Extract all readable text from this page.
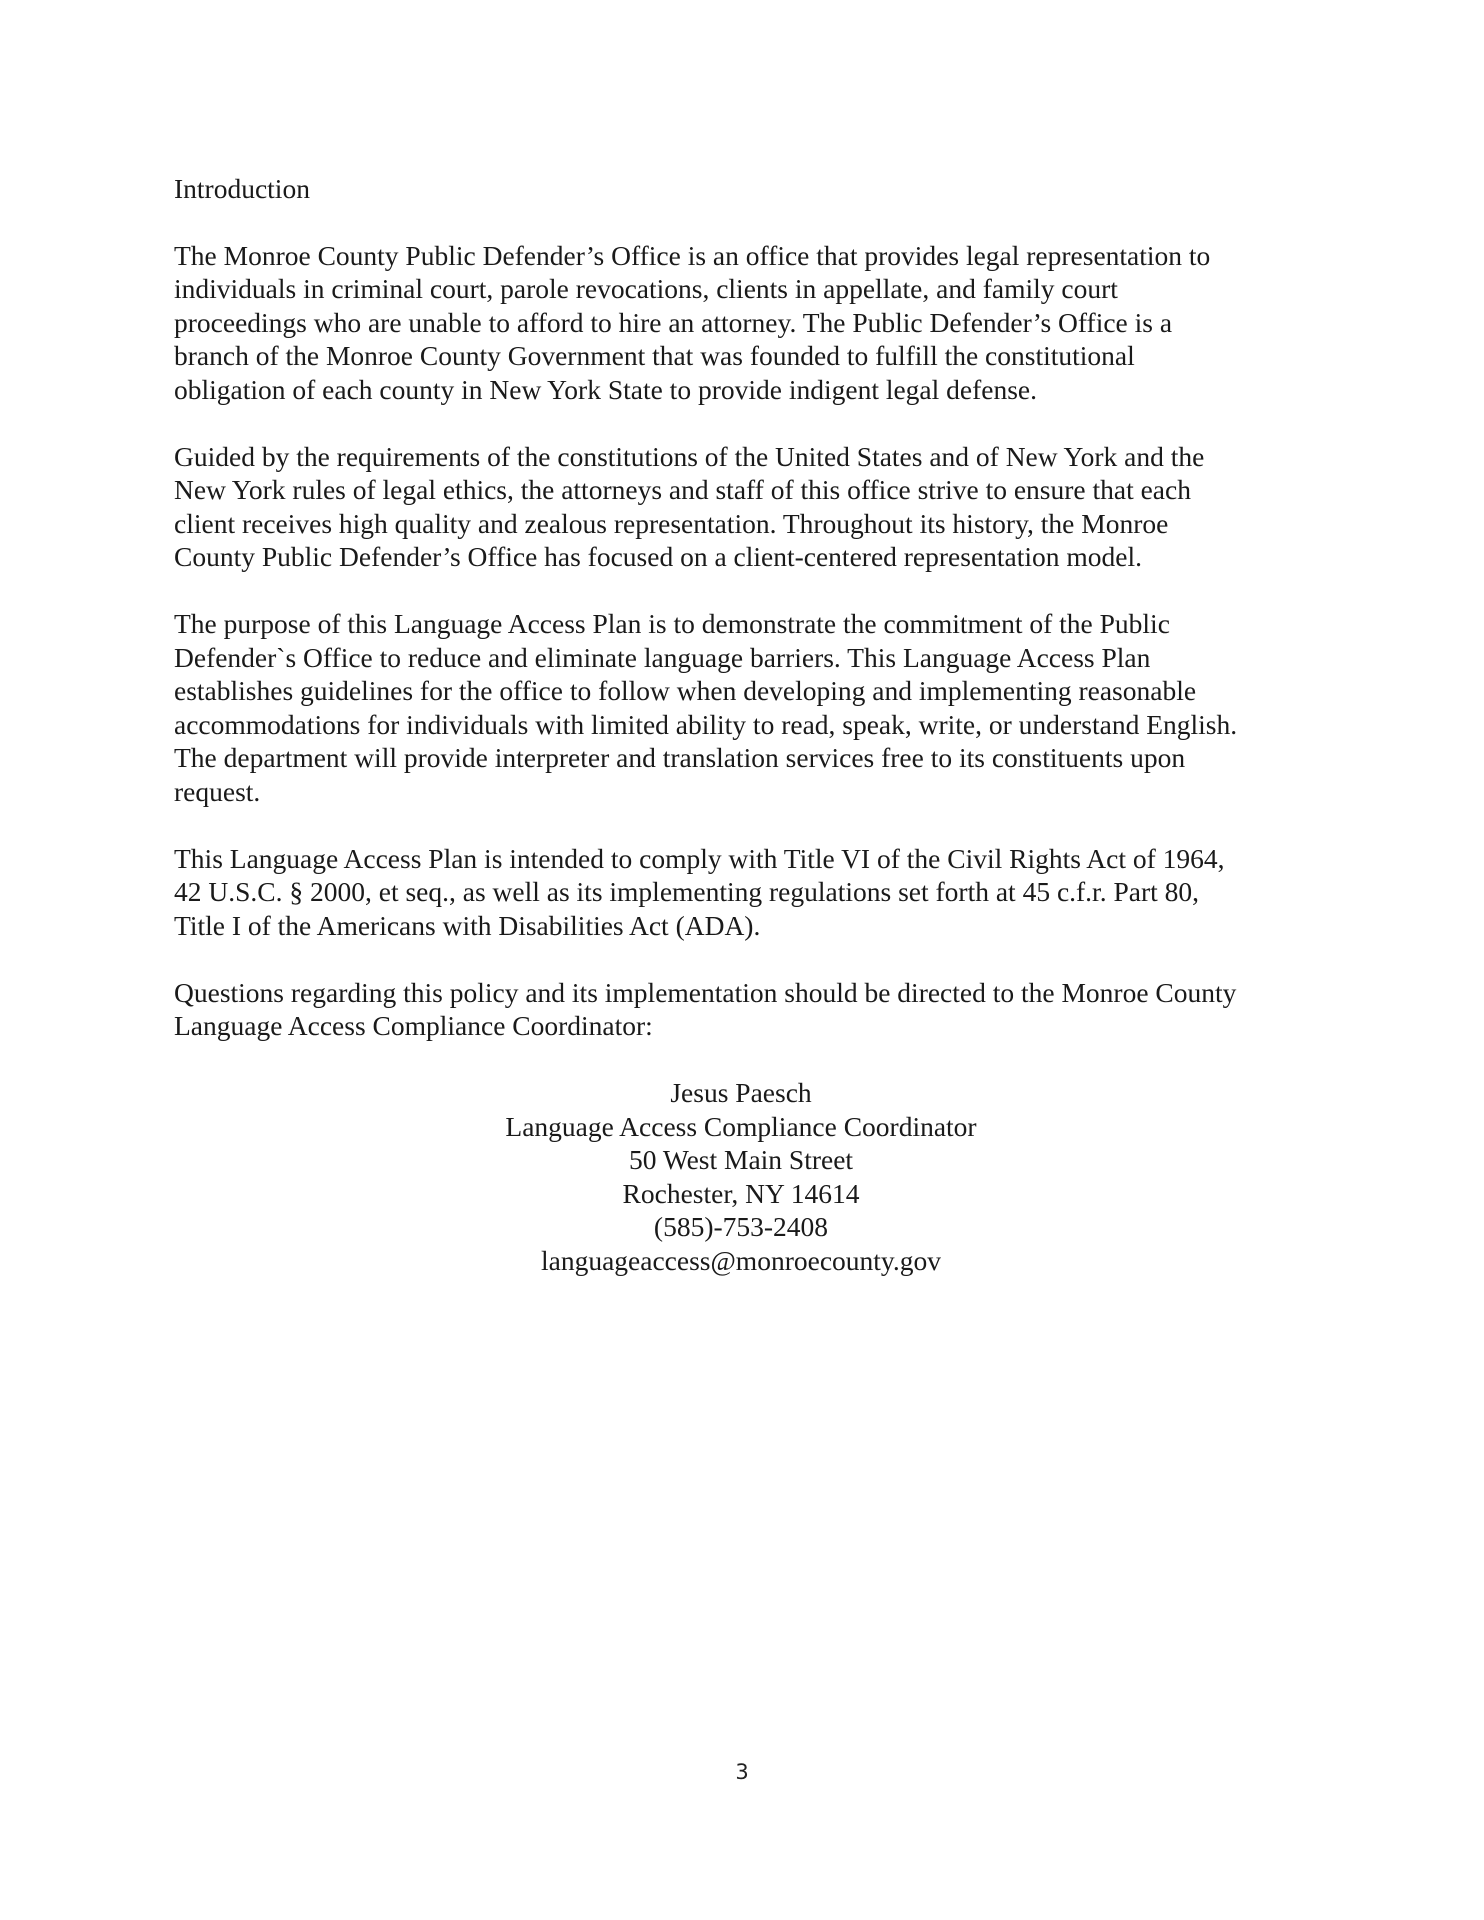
Introduction

The Monroe County Public Defender’s Office is an office that provides legal representation to
individuals in criminal court, parole revocations, clients in appellate, and family court
proceedings who are unable to afford to hire an attorney. The Public Defender’s Office is a
branch of the Monroe County Government that was founded to fulfill the constitutional
obligation of each county in New York State to provide indigent legal defense.

Guided by the requirements of the constitutions of the United States and of New York and the
New York rules of legal ethics, the attorneys and staff of this office strive to ensure that each
client receives high quality and zealous representation. Throughout its history, the Monroe
County Public Defender’s Office has focused on a client-centered representation model.

The purpose of this Language Access Plan is to demonstrate the commitment of the Public
Defender`s Office to reduce and eliminate language barriers. This Language Access Plan
establishes guidelines for the office to follow when developing and implementing reasonable
accommodations for individuals with limited ability to read, speak, write, or understand English.
The department will provide interpreter and translation services free to its constituents upon
request.

This Language Access Plan is intended to comply with Title VI of the Civil Rights Act of 1964,
42 U.S.C. § 2000, et seq., as well as its implementing regulations set forth at 45 c.f.r. Part 80,
Title I of the Americans with Disabilities Act (ADA).

Questions regarding this policy and its implementation should be directed to the Monroe County
Language Access Compliance Coordinator:

Jesus Paesch
Language Access Compliance Coordinator
50 West Main Street
Rochester, NY 14614
(585)-753-2408
languageaccess@monroecounty.gov
3
